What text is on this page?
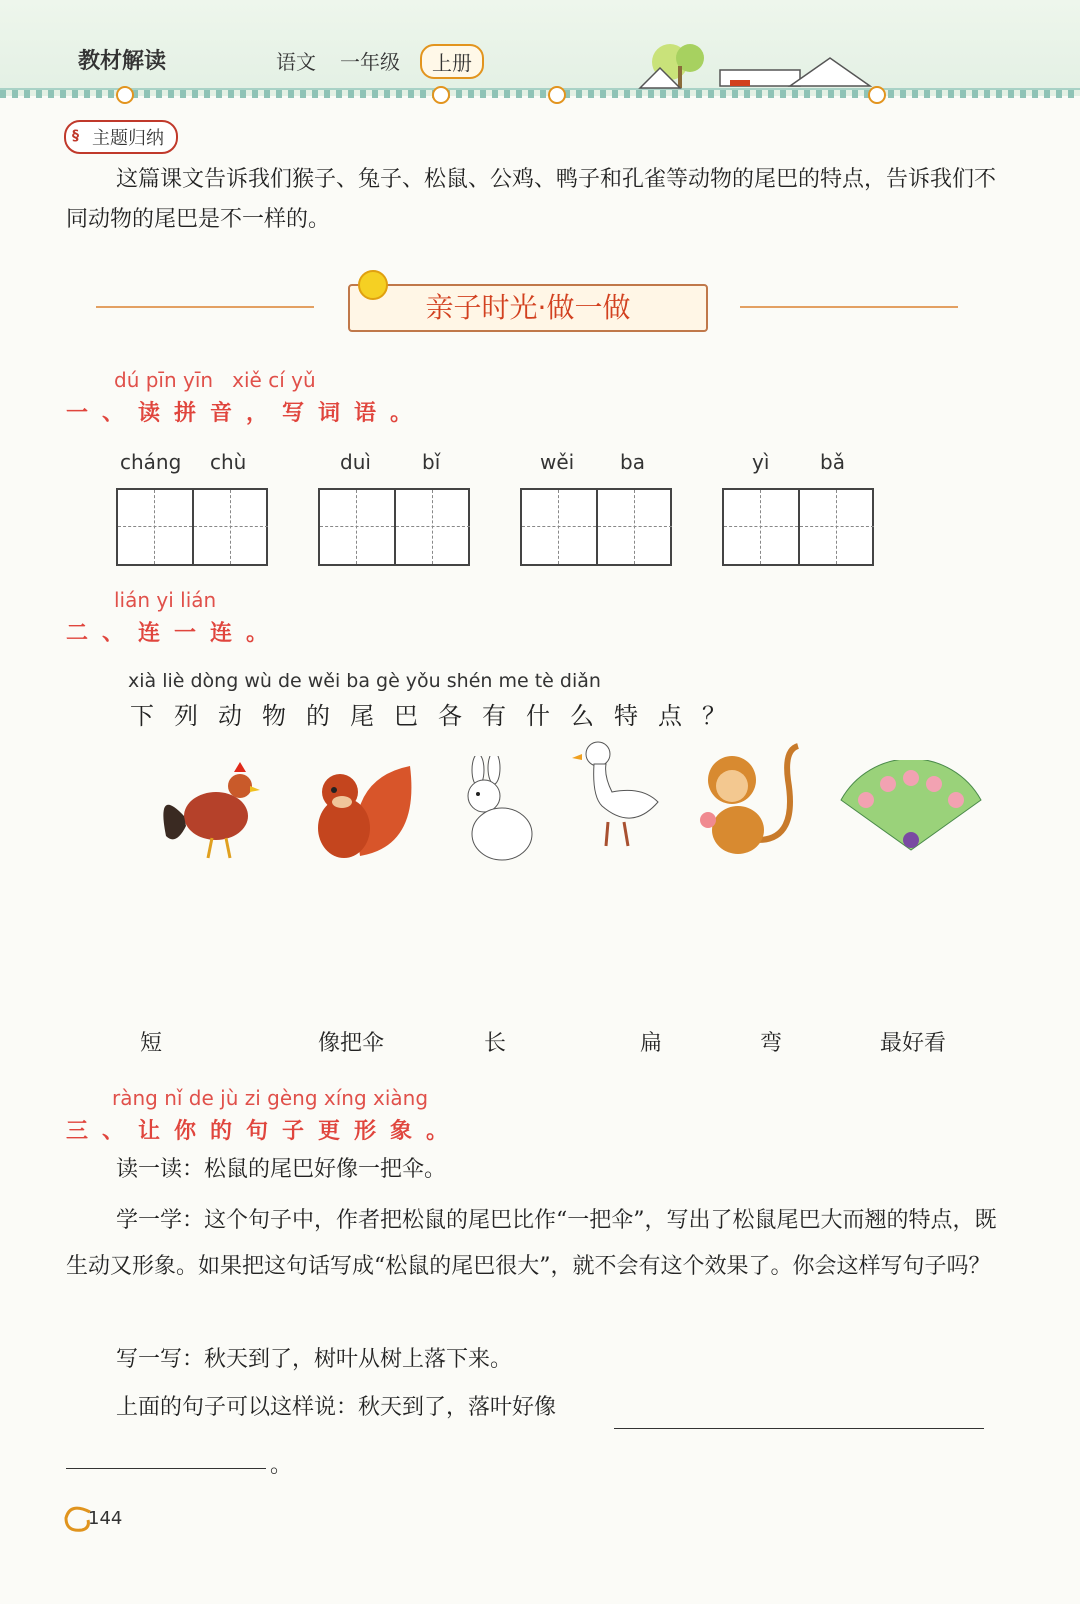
教材解读	语文 一年级	上册
主题归纳
§
这篇课文告诉我们猴子、兔子、松鼠、公鸡、鸭子和孔雀等动物的尾巴的特点，告诉我们不同动物的尾巴是不一样的。
亲子时光·做一做
dú pīn yīn   xiě cí yǔ
一、读拼音，写词语。
cháng chù	duì	bǐ	wěi ba	yì	bǎ
lián yi lián
二、连一连。
xià liè dòng wù de wěi ba gè yǒu shén me tè diǎn
下列动物的尾巴各有什么特点？
短	像把伞	长	扁	弯	最好看
ràng nǐ de jù zi gèng xíng xiàng
三、让你的句子更形象。
读一读：松鼠的尾巴好像一把伞。
学一学：这个句子中，作者把松鼠的尾巴比作“一把伞”，写出了松鼠尾巴大而翘的特点，既生动又形象。如果把这句话写成“松鼠的尾巴很大”，就不会有这个效果了。你会这样写句子吗？
写一写：秋天到了，树叶从树上落下来。
上面的句子可以这样说：秋天到了，落叶好像
。
144
